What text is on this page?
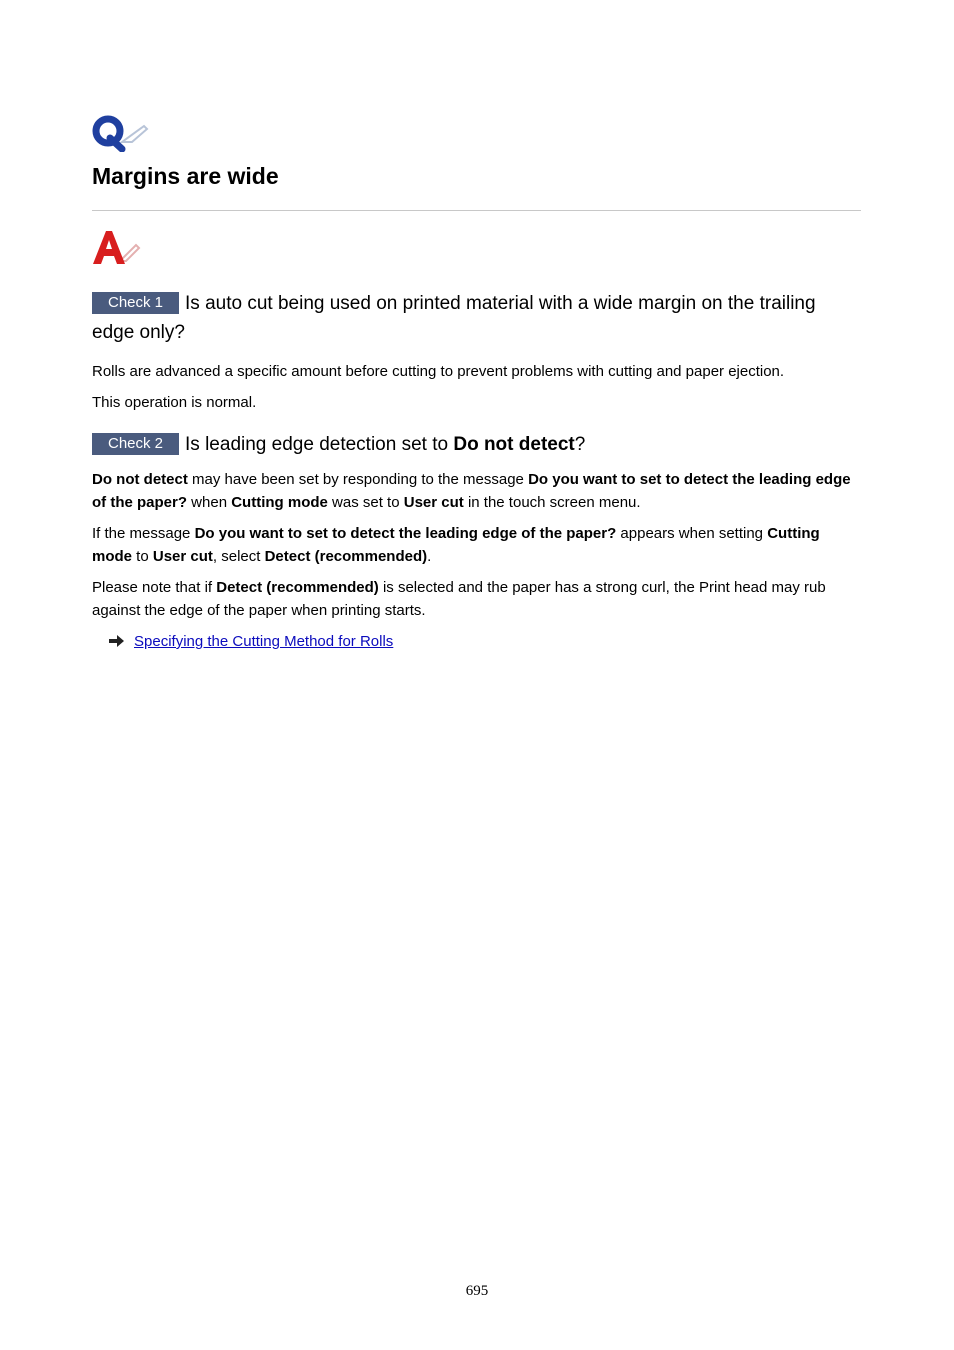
Margins are wide
Check 1 Is auto cut being used on printed material with a wide margin on the trailing edge only?

Rolls are advanced a specific amount before cutting to prevent problems with cutting and paper ejection.

This operation is normal.

Check 2 Is leading edge detection set to Do not detect?

Do not detect may have been set by responding to the message Do you want to set to detect the leading edge of the paper? when Cutting mode was set to User cut in the touch screen menu.

If the message Do you want to set to detect the leading edge of the paper? appears when setting Cutting mode to User cut, select Detect (recommended).

Please note that if Detect (recommended) is selected and the paper has a strong curl, the Print head may rub against the edge of the paper when printing starts.

Specifying the Cutting Method for Rolls

695
